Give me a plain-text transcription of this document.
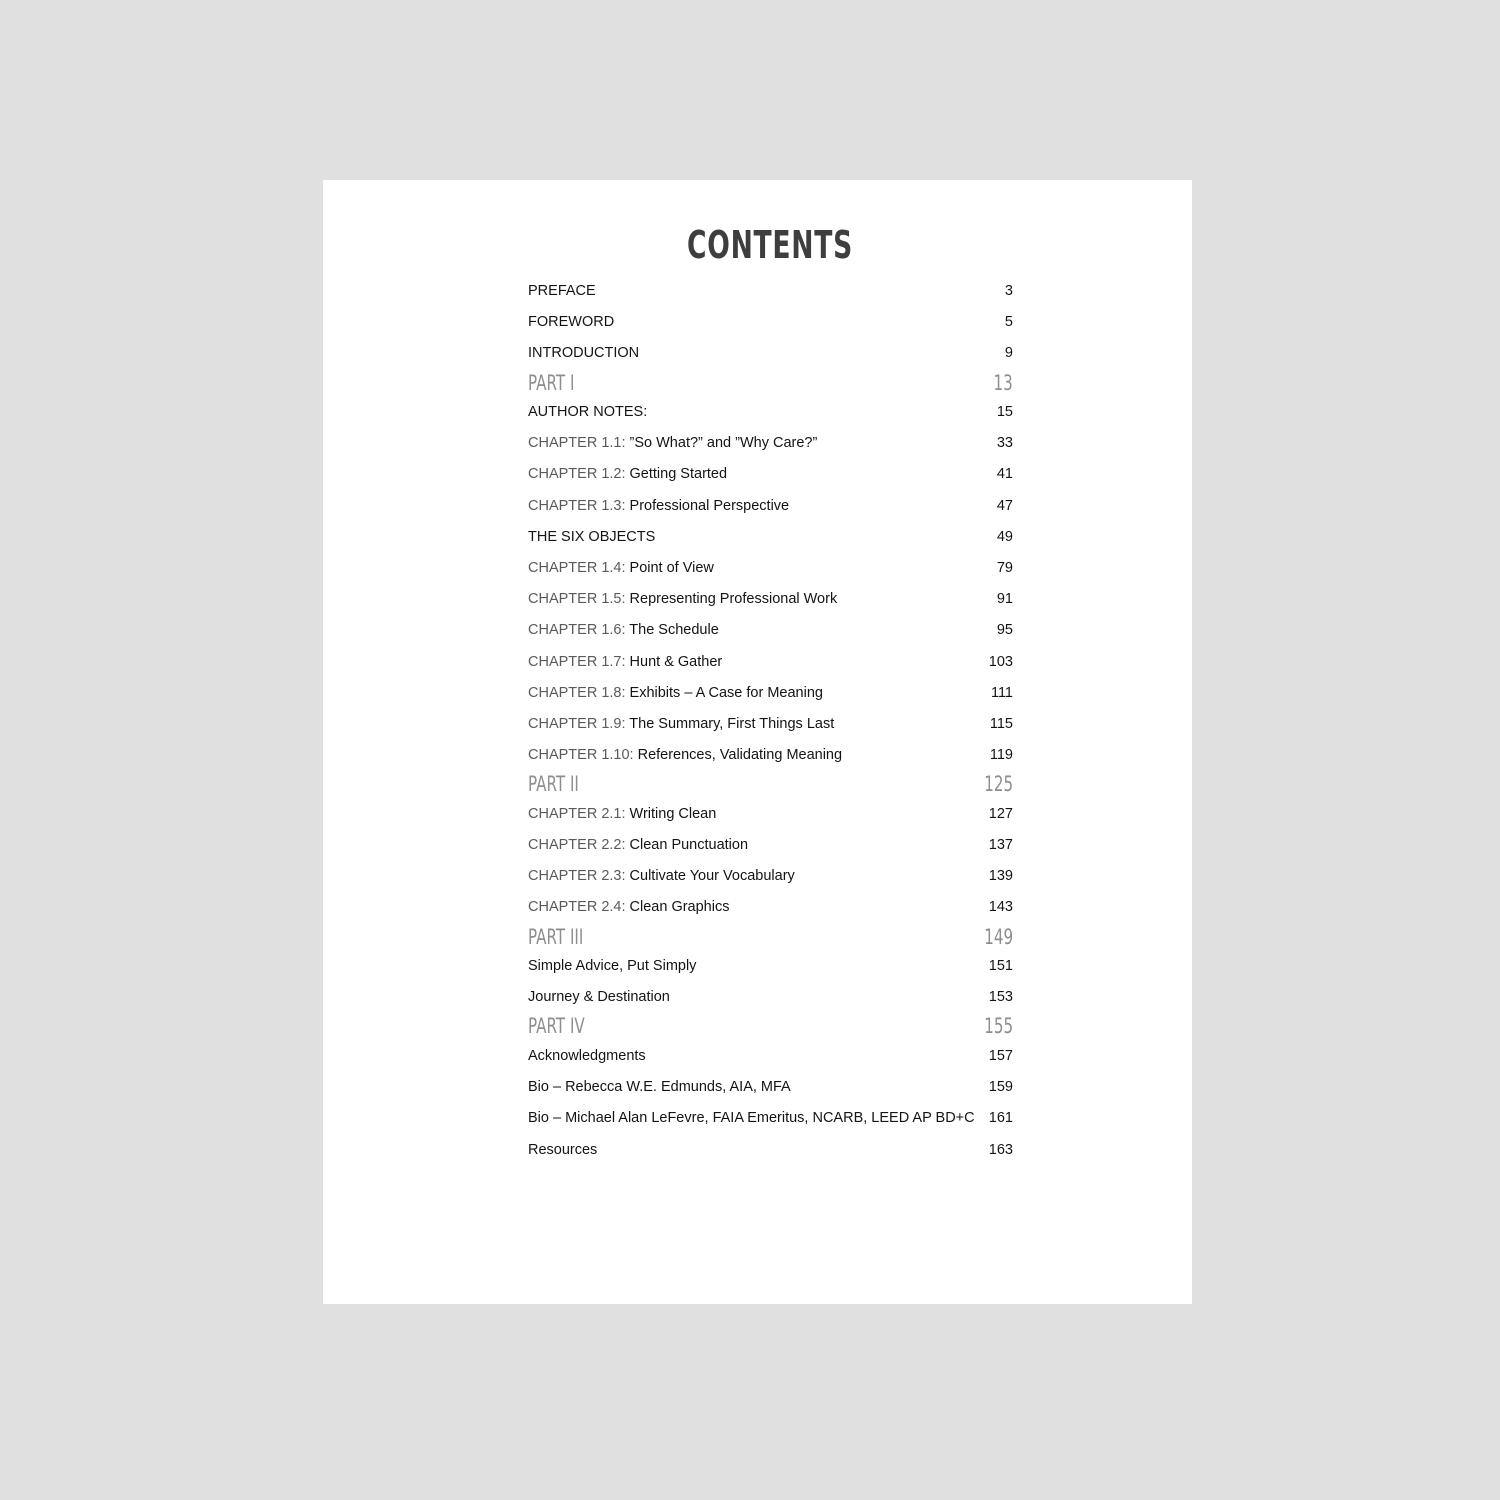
CONTENTS
PREFACE	3
FOREWORD	5
INTRODUCTION	9
PART I	13
AUTHOR NOTES:	15
CHAPTER 1.1: ”So What?” and ”Why Care?”	33
CHAPTER 1.2: Getting Started	41
CHAPTER 1.3: Professional Perspective	47
THE SIX OBJECTS	49
CHAPTER 1.4: Point of View	79
CHAPTER 1.5: Representing Professional Work	91
CHAPTER 1.6: The Schedule	95
CHAPTER 1.7: Hunt & Gather	103
CHAPTER 1.8: Exhibits – A Case for Meaning	111
CHAPTER 1.9: The Summary, First Things Last	115
CHAPTER 1.10: References, Validating Meaning	119
PART II	125
CHAPTER 2.1: Writing Clean	127
CHAPTER 2.2: Clean Punctuation	137
CHAPTER 2.3: Cultivate Your Vocabulary	139
CHAPTER 2.4: Clean Graphics	143
PART III	149
Simple Advice, Put Simply	151
Journey & Destination	153
PART IV	155
Acknowledgments	157
Bio – Rebecca W.E. Edmunds, AIA, MFA	159
Bio – Michael Alan LeFevre, FAIA Emeritus, NCARB, LEED AP BD+C 161
Resources	163
